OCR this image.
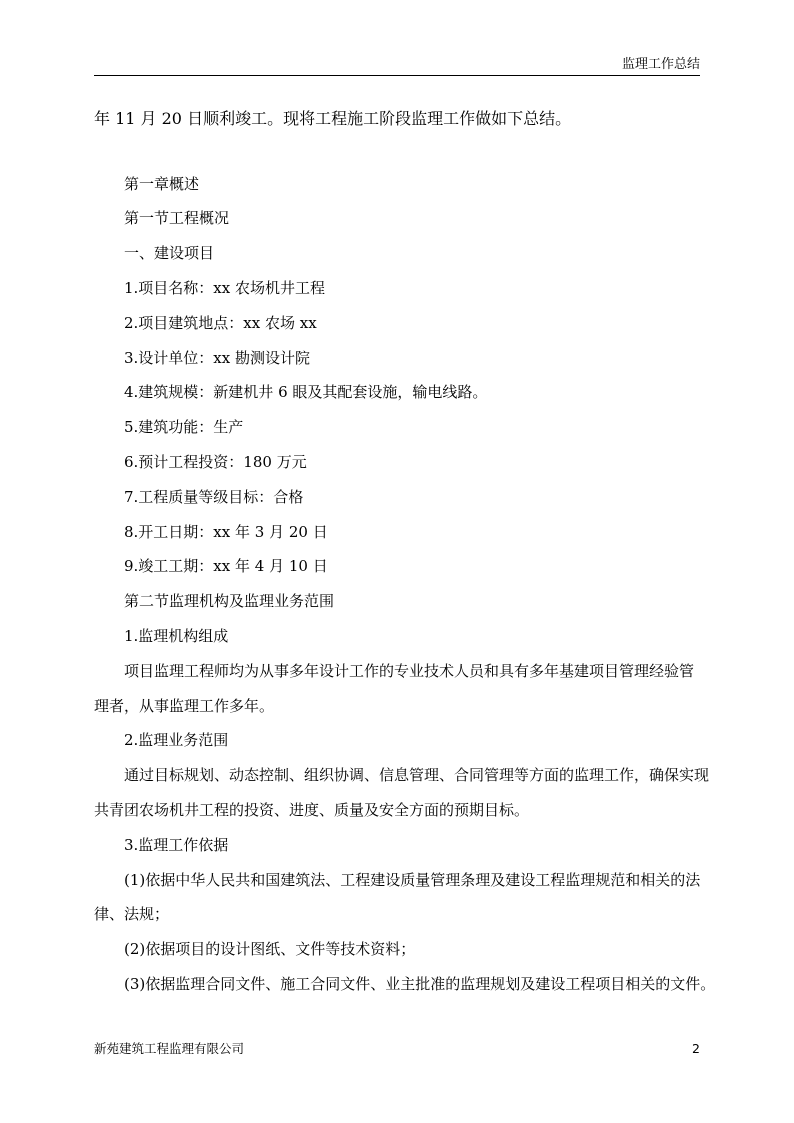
监理工作总结
年 11 月 20 日顺利竣工。现将工程施工阶段监理工作做如下总结。
第一章概述
第一节工程概况
一、建设项目
1.项目名称：xx 农场机井工程
2.项目建筑地点：xx 农场 xx
3.设计单位：xx 勘测设计院
4.建筑规模：新建机井 6 眼及其配套设施，输电线路。
5.建筑功能：生产
6.预计工程投资：180 万元
7.工程质量等级目标：合格
8.开工日期：xx 年 3 月 20 日
9.竣工工期：xx 年 4 月 10 日
第二节监理机构及监理业务范围
1.监理机构组成
项目监理工程师均为从事多年设计工作的专业技术人员和具有多年基建项目管理经验管
理者，从事监理工作多年。
2.监理业务范围
通过目标规划、动态控制、组织协调、信息管理、合同管理等方面的监理工作，确保实现
共青团农场机井工程的投资、进度、质量及安全方面的预期目标。
3.监理工作依据
(1)依据中华人民共和国建筑法、工程建设质量管理条理及建设工程监理规范和相关的法
律、法规；
(2)依据项目的设计图纸、文件等技术资料；
(3)依据监理合同文件、施工合同文件、业主批准的监理规划及建设工程项目相关的文件。
新苑建筑工程监理有限公司	2
